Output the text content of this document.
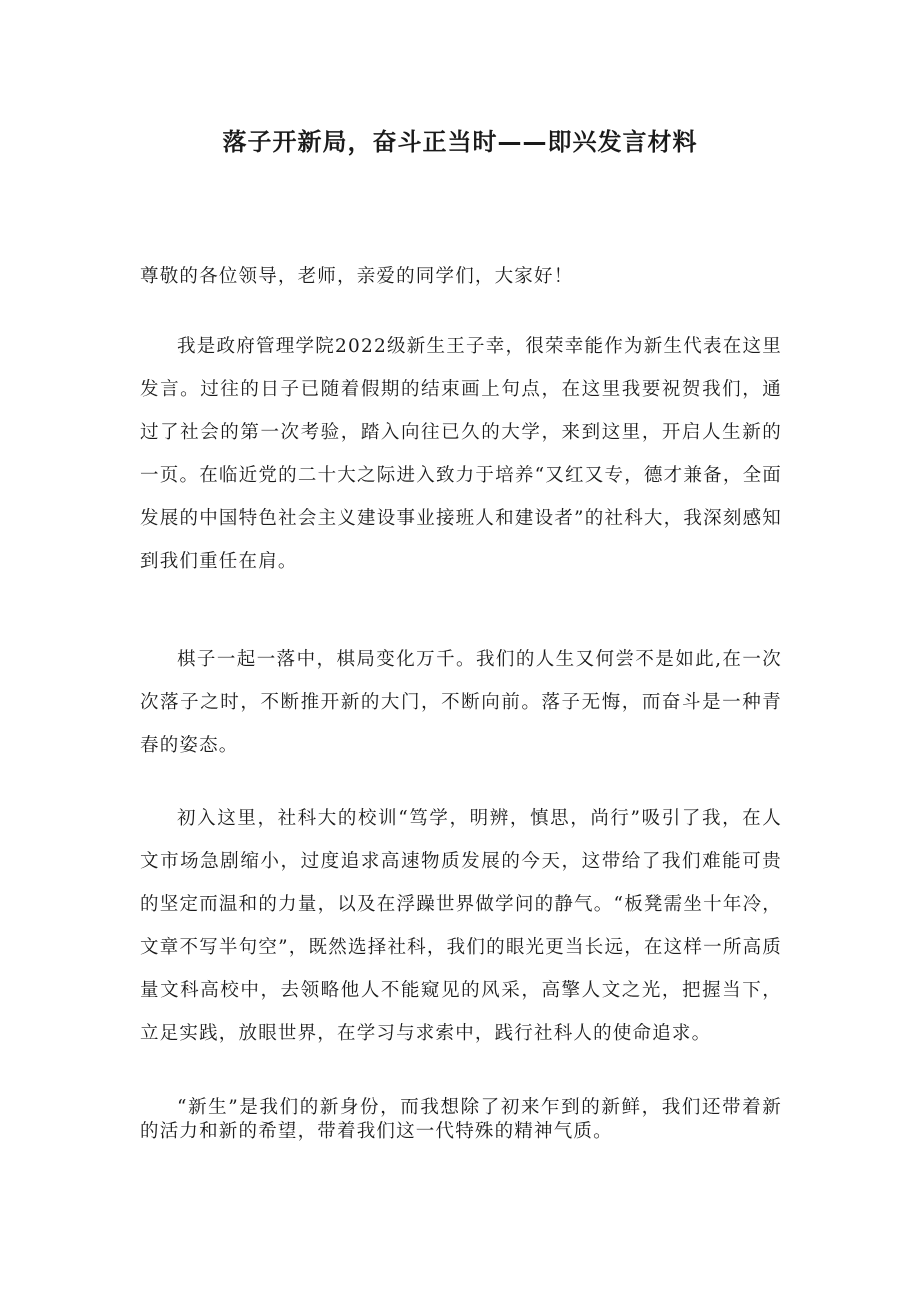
落子开新局，奋斗正当时——即兴发言材料

尊敬的各位领导，老师，亲爱的同学们，大家好！

我是政府管理学院2022级新生王子幸，很荣幸能作为新生代表在这里发言。过往的日子已随着假期的结束画上句点，在这里我要祝贺我们，通过了社会的第一次考验，踏入向往已久的大学，来到这里，开启人生新的一页。在临近党的二十大之际进入致力于培养“又红又专，德才兼备，全面发展的中国特色社会主义建设事业接班人和建设者”的社科大，我深刻感知到我们重任在肩。

棋子一起一落中，棋局变化万千。我们的人生又何尝不是如此,在一次次落子之时，不断推开新的大门，不断向前。落子无悔，而奋斗是一种青春的姿态。

初入这里，社科大的校训“笃学，明辨，慎思，尚行”吸引了我，在人文市场急剧缩小，过度追求高速物质发展的今天，这带给了我们难能可贵的坚定而温和的力量，以及在浮躁世界做学问的静气。“板凳需坐十年冷，文章不写半句空”，既然选择社科，我们的眼光更当长远，在这样一所高质量文科高校中，去领略他人不能窥见的风采，高擎人文之光，把握当下，立足实践，放眼世界，在学习与求索中，践行社科人的使命追求。

“新生”是我们的新身份，而我想除了初来乍到的新鲜，我们还带着新的活力和新的希望，带着我们这一代特殊的精神气质。
